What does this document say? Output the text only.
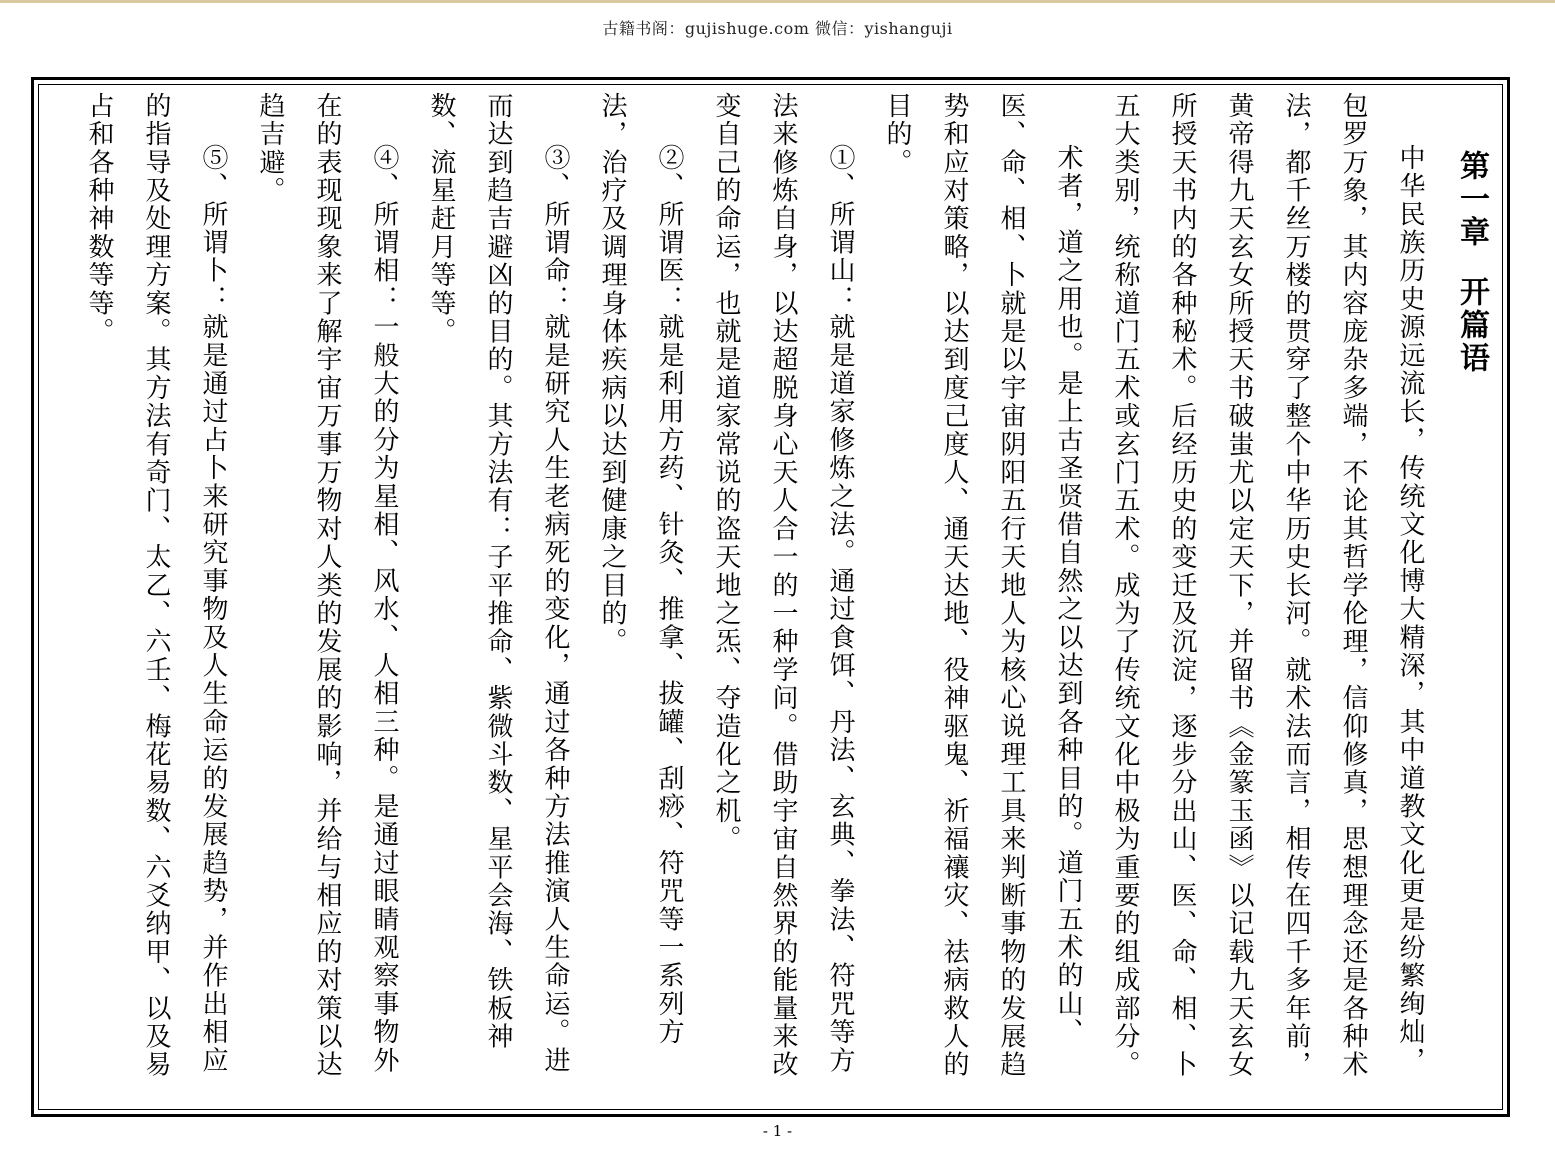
古籍书阁：gujishuge.com 微信：yishanguji
第一章  开篇语

中华民族历史源远流长，传统文化博大精深，其中道教文化更是纷繁绚灿，包罗万象，其内容庞杂多端，不论其哲学伦理，信仰修真，思想理念还是各种术法，都千丝万楼的贯穿了整个中华历史长河。就术法而言，相传在四千多年前，黄帝得九天玄女所授天书破蚩尤以定天下，并留书《金篆玉函》以记载九天玄女所授天书内的各种秘术。后经历史的变迁及沉淀，逐步分出山、医、命、相、卜五大类别，统称道门五术或玄门五术。成为了传统文化中极为重要的组成部分。

术者，道之用也。是上古圣贤借自然之以达到各种目的。道门五术的山、医、命、相、卜就是以宇宙阴阳五行天地人为核心说理工具来判断事物的发展趋势和应对策略，以达到度己度人、通天达地、役神驱鬼、祈福禳灾、祛病救人的目的。

①、所谓山：就是道家修炼之法。通过食饵、丹法、玄典、拳法、符咒等方法来修炼自身，以达超脱身心天人合一的一种学问。借助宇宙自然界的能量来改变自己的命运，也就是道家常说的盗天地之炁、夺造化之机。

②、所谓医：就是利用方药、针灸、推拿、拔罐、刮痧、符咒等一系列方法，治疗及调理身体疾病以达到健康之目的。

③、所谓命：就是研究人生老病死的变化，通过各种方法推演人生命运。进而达到趋吉避凶的目的。其方法有：子平推命、紫微斗数、星平会海、铁板神数、流星赶月等等。

④、所谓相：一般大的分为星相、风水、人相三种。是通过眼睛观察事物外在的表现现象来了解宇宙万事万物对人类的发展的影响，并给与相应的对策以达趋吉避。

⑤、所谓卜：就是通过占卜来研究事物及人生命运的发展趋势，并作出相应的指导及处理方案。其方法有奇门、太乙、六壬、梅花易数、六爻纳甲、以及易占和各种神数等等。

- 1 -
